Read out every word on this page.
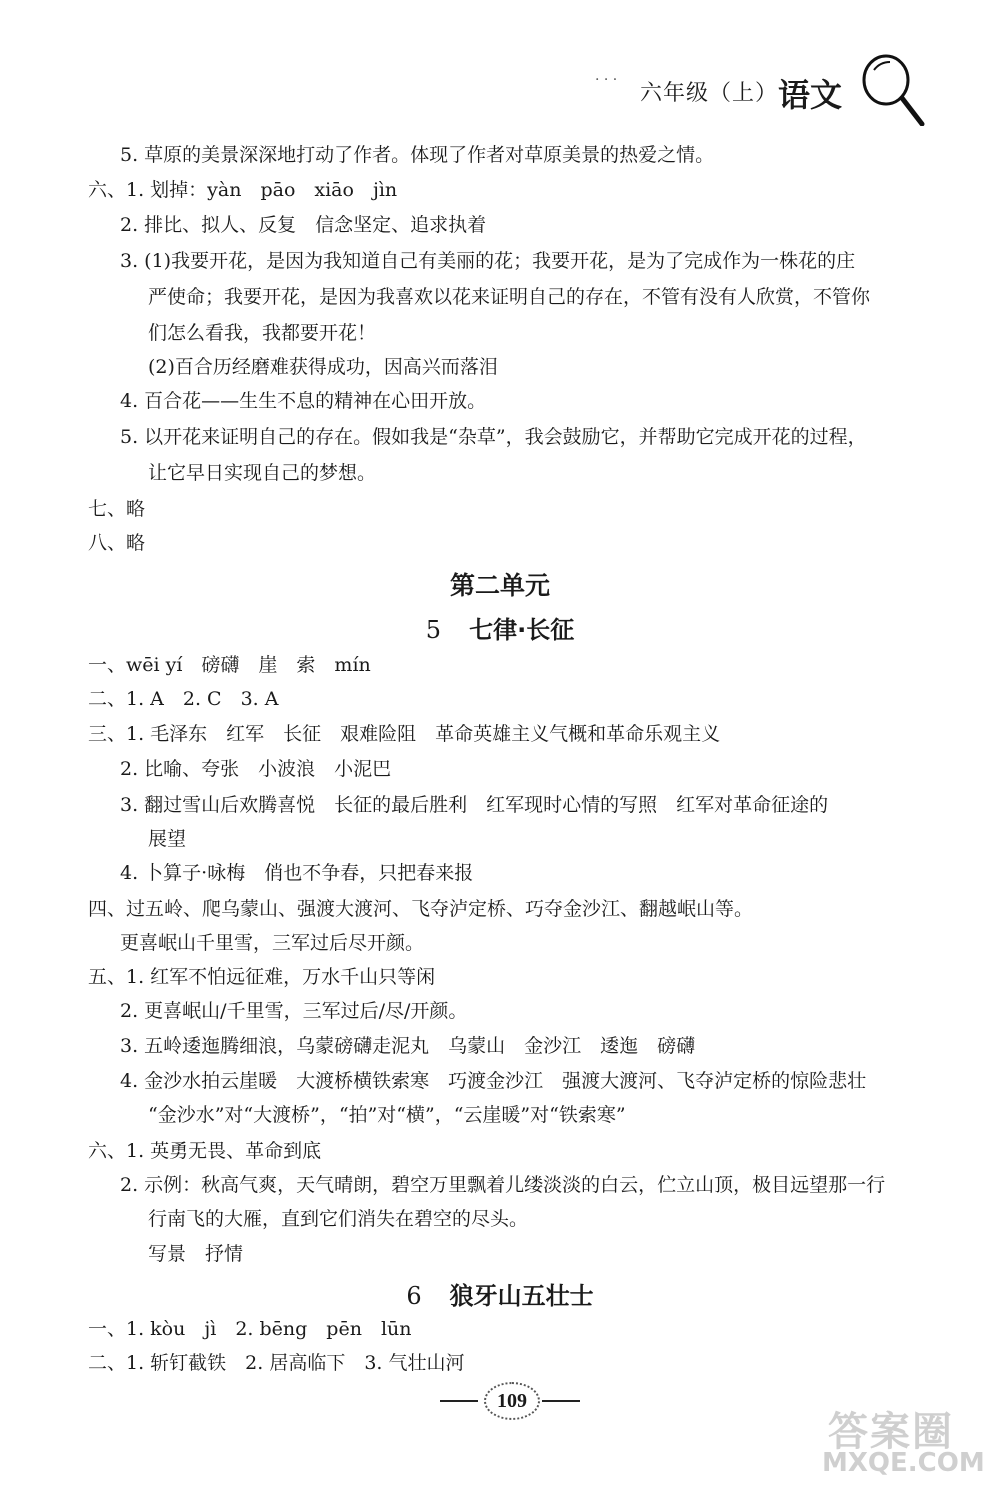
· · ·
六年级（上） 语文
5. 草原的美景深深地打动了作者。体现了作者对草原美景的热爱之情。
六、1. 划掉：yàn　pāo　xiāo　jìn
2. 排比、拟人、反复　信念坚定、追求执着
3. (1)我要开花，是因为我知道自己有美丽的花；我要开花，是为了完成作为一株花的庄
严使命；我要开花，是因为我喜欢以花来证明自己的存在，不管有没有人欣赏，不管你
们怎么看我，我都要开花！
(2)百合历经磨难获得成功，因高兴而落泪
4. 百合花——生生不息的精神在心田开放。
5. 以开花来证明自己的存在。假如我是“杂草”，我会鼓励它，并帮助它完成开花的过程，
让它早日实现自己的梦想。
七、略
八、略
第二单元
5 七律·长征
一、wēi yí　磅礴　崖　索　mín
二、1. A　2. C　3. A
三、1. 毛泽东　红军　长征　艰难险阻　革命英雄主义气概和革命乐观主义
2. 比喻、夸张　小波浪　小泥巴
3. 翻过雪山后欢腾喜悦　长征的最后胜利　红军现时心情的写照　红军对革命征途的
展望
4. 卜算子·咏梅　俏也不争春，只把春来报
四、过五岭、爬乌蒙山、强渡大渡河、飞夺泸定桥、巧夺金沙江、翻越岷山等。
更喜岷山千里雪，三军过后尽开颜。
五、1. 红军不怕远征难，万水千山只等闲
2. 更喜岷山/千里雪，三军过后/尽/开颜。
3. 五岭逶迤腾细浪，乌蒙磅礴走泥丸　乌蒙山　金沙江　逶迤　磅礴
4. 金沙水拍云崖暖　大渡桥横铁索寒　巧渡金沙江　强渡大渡河、飞夺泸定桥的惊险悲壮
“金沙水”对“大渡桥”，“拍”对“横”，“云崖暖”对“铁索寒”
六、1. 英勇无畏、革命到底
2. 示例：秋高气爽，天气晴朗，碧空万里飘着儿缕淡淡的白云，伫立山顶，极目远望那一行
行南飞的大雁，直到它们消失在碧空的尽头。
写景　抒情
6 狼牙山五壮士
一、1. kòu　jì　2. bēng　pēn　lūn
二、1. 斩钉截铁　2. 居高临下　3. 气壮山河
109
答案圈
MXQE.COM
